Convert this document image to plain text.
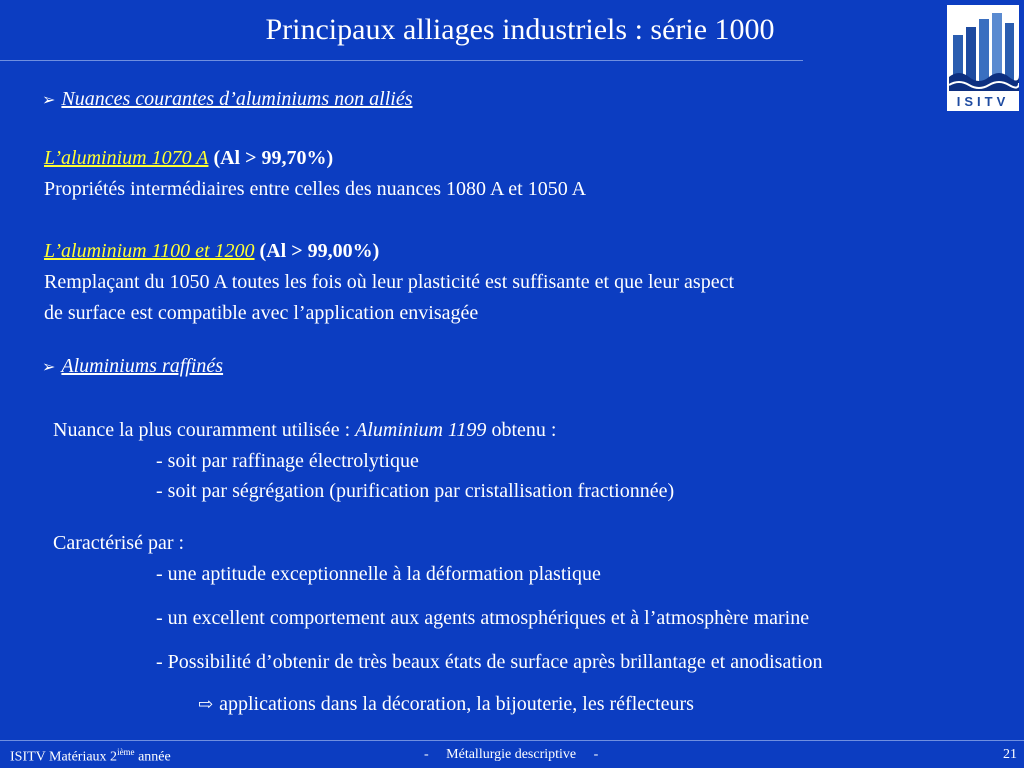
Principaux alliages industriels : série 1000
ISITV
➢ Nuances courantes d’aluminiums non alliés
L’aluminium 1070 A (Al > 99,70%)
Propriétés intermédiaires entre celles des nuances 1080 A et 1050 A
L’aluminium 1100 et 1200 (Al > 99,00%)
Remplaçant du 1050 A toutes les fois où leur plasticité est suffisante et que leur aspect
de surface est compatible avec l’application envisagée
➢ Aluminiums raffinés
Nuance la plus couramment utilisée : Aluminium 1199 obtenu :
- soit par raffinage électrolytique
- soit par ségrégation (purification par cristallisation fractionnée)
Caractérisé par :
- une aptitude exceptionnelle à la déformation plastique
- un excellent comportement aux agents atmosphériques et à l’atmosphère marine
- Possibilité d’obtenir de très beaux états de surface après brillantage et anodisation
⇨ applications dans la décoration, la bijouterie, les réflecteurs
ISITV Matériaux 2ième année	-     Métallurgie descriptive     -	21
